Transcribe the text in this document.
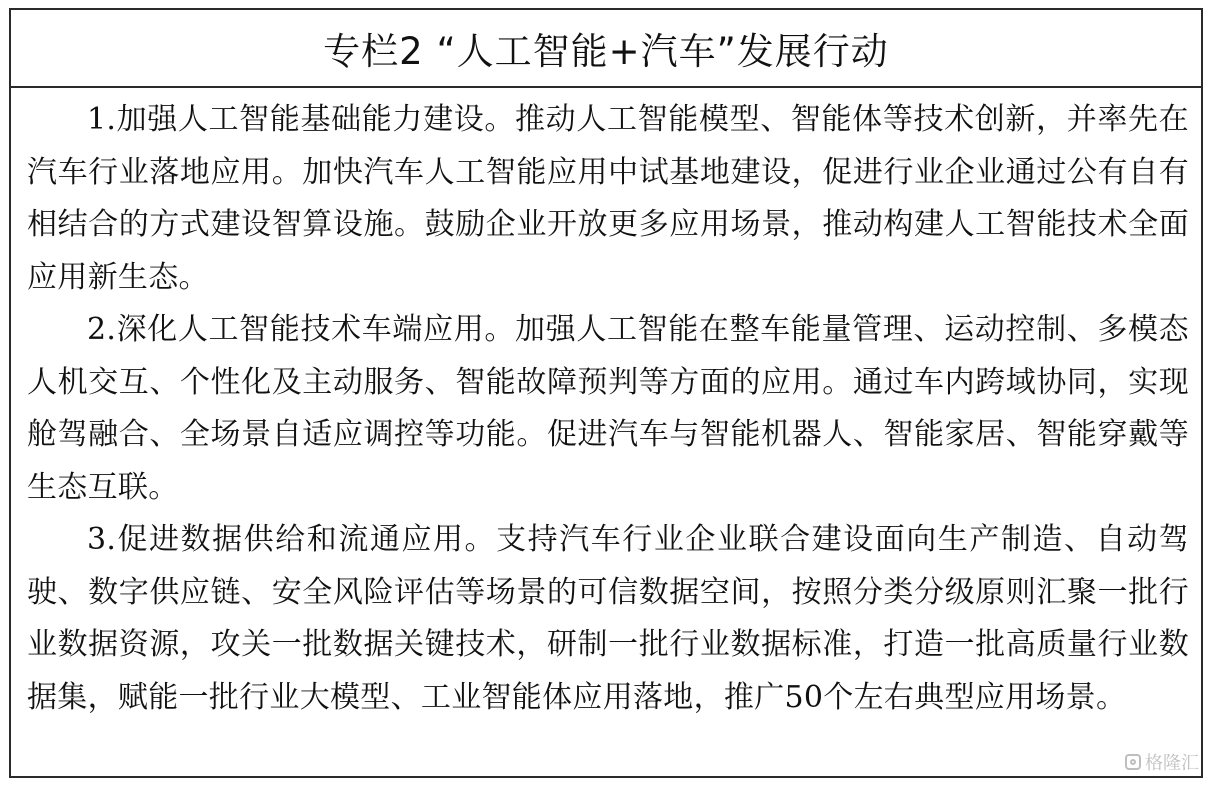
专栏2 “人工智能+汽车”发展行动

1.加强人工智能基础能力建设。推动人工智能模型、智能体等技术创新，并率先在汽车行业落地应用。加快汽车人工智能应用中试基地建设，促进行业企业通过公有自有相结合的方式建设智算设施。鼓励企业开放更多应用场景，推动构建人工智能技术全面应用新生态。

2.深化人工智能技术车端应用。加强人工智能在整车能量管理、运动控制、多模态人机交互、个性化及主动服务、智能故障预判等方面的应用。通过车内跨域协同，实现舱驾融合、全场景自适应调控等功能。促进汽车与智能机器人、智能家居、智能穿戴等生态互联。

3.促进数据供给和流通应用。支持汽车行业企业联合建设面向生产制造、自动驾驶、数字供应链、安全风险评估等场景的可信数据空间，按照分类分级原则汇聚一批行业数据资源，攻关一批数据关键技术，研制一批行业数据标准，打造一批高质量行业数据集，赋能一批行业大模型、工业智能体应用落地，推广50个左右典型应用场景。

格隆汇
